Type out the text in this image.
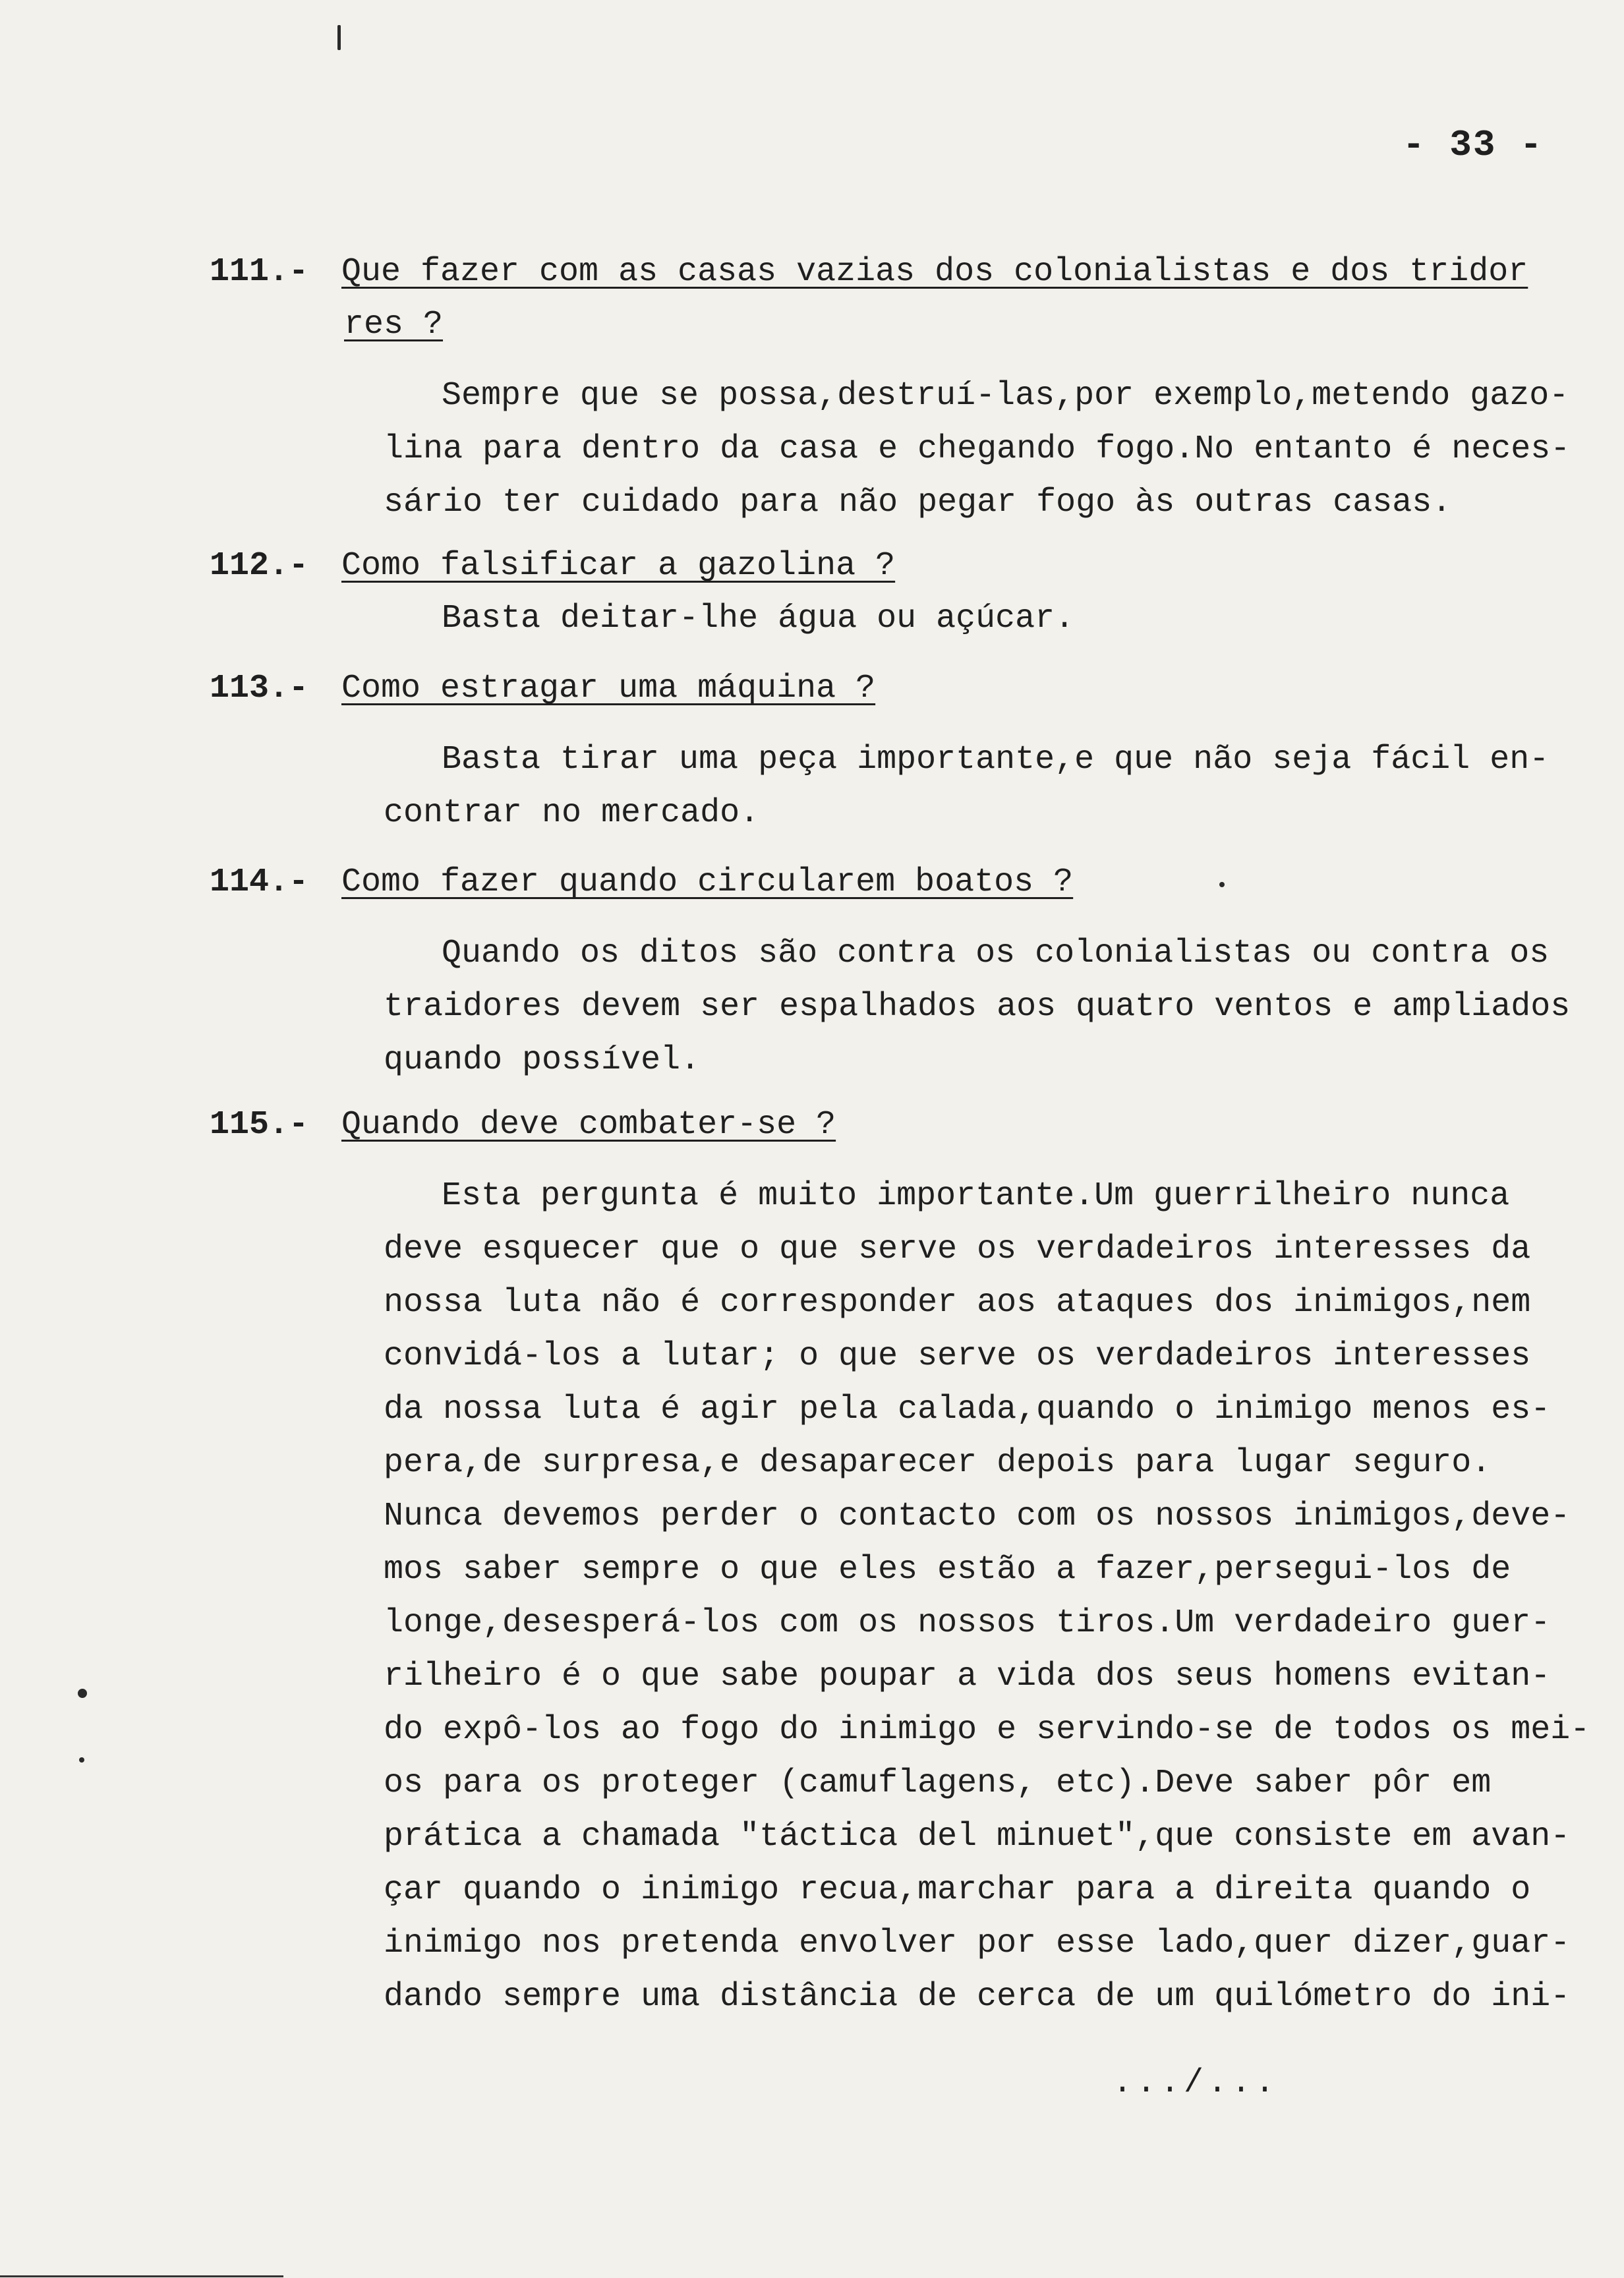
- 33 -
111.- Que fazer com as casas vazias dos colonialistas e dos tridor
res ?
Sempre que se possa,destruí-las,por exemplo,metendo gazo-
lina para dentro da casa e chegando fogo.No entanto é neces-
sário ter cuidado para não pegar fogo às outras casas.
112.- Como falsificar a gazolina ?
Basta deitar-lhe água ou açúcar.
113.- Como estragar uma máquina ?
Basta tirar uma peça importante,e que não seja fácil en-
contrar no mercado.
114.- Como fazer quando circularem boatos ?
Quando os ditos são contra os colonialistas ou contra os
traidores devem ser espalhados aos quatro ventos e ampliados
quando possível.
115.- Quando deve combater-se ?
Esta pergunta é muito importante.Um guerrilheiro nunca
deve esquecer que o que serve os verdadeiros interesses da
nossa luta não é corresponder aos ataques dos inimigos,nem
convidá-los a lutar; o que serve os verdadeiros interesses
da nossa luta é agir pela calada,quando o inimigo menos es-
pera,de surpresa,e desaparecer depois para lugar seguro.
Nunca devemos perder o contacto com os nossos inimigos,deve-
mos saber sempre o que eles estão a fazer,persegui-los de
longe,desesperá-los com os nossos tiros.Um verdadeiro guer-
rilheiro é o que sabe poupar a vida dos seus homens evitan-
do expô-los ao fogo do inimigo e servindo-se de todos os mei-
os para os proteger (camuflagens, etc).Deve saber pôr em
prática a chamada "táctica del minuet",que consiste em avan-
çar quando o inimigo recua,marchar para a direita quando o
inimigo nos pretenda envolver por esse lado,quer dizer,guar-
dando sempre uma distância de cerca de um quilómetro do ini-
.../...
